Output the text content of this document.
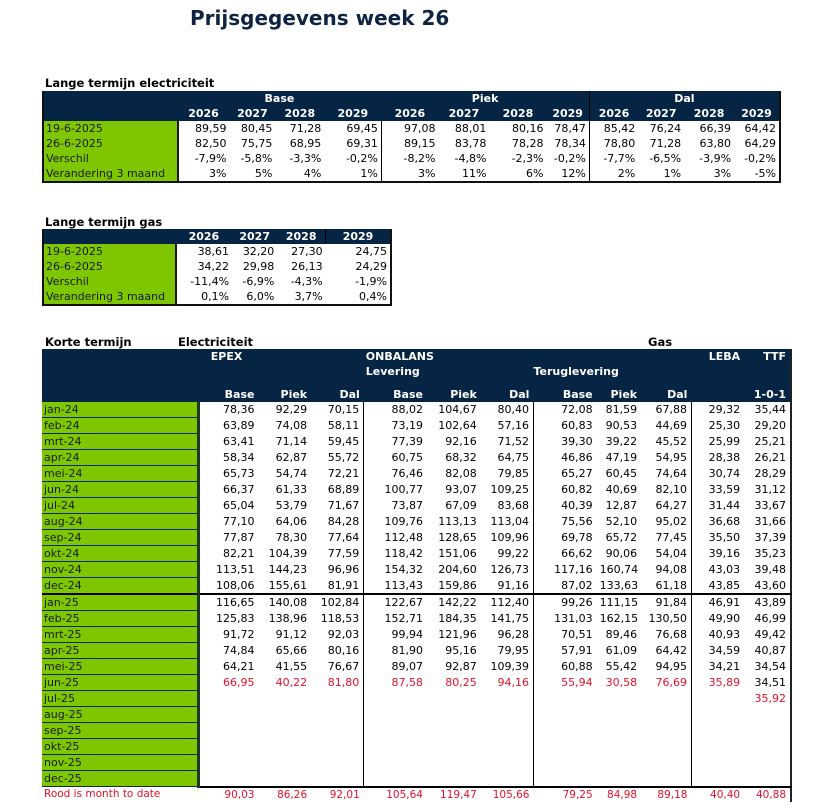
Prijsgegevens week 26
Lange termijn electriciteit
	Base				Piek				Dal			
	2026	2027	2028	2029	2026	2027	2028	2029	2026	2027	2028	2029
19-6-2025	89,59	80,45	71,28	69,45	97,08	88,01	80,16	78,47	85,42	76,24	66,39	64,42
26-6-2025	82,50	75,75	68,95	69,31	89,15	83,78	78,28	78,34	78,80	71,28	63,80	64,29
Verschil	-7,9%	-5,8%	-3,3%	-0,2%	-8,2%	-4,8%	-2,3%	-0,2%	-7,7%	-6,5%	-3,9%	-0,2%
Verandering 3 maand	3%	5%	4%	1%	3%	11%	6%	12%	2%	1%	3%	-5%
Lange termijn gas
	2026	2027	2028	2029
19-6-2025	38,61	32,20	27,30	24,75
26-6-2025	34,22	29,98	26,13	24,29
Verschil	-11,4%	-6,9%	-4,3%	-1,9%
Verandering 3 maand	0,1%	6,0%	3,7%	0,4%
Korte termijn	Electriciteit	Gas
	EPEX			ONBALANS						LEBA	TTF
				Levering			Teruglevering				

	Base	Piek	Dal	Base	Piek	Dal	Base	Piek	Dal		1-0-1
jan-24	78,36	92,29	70,15	88,02	104,67	80,40	72,08	81,59	67,88	29,32	35,44
feb-24	63,89	74,08	58,11	73,19	102,64	57,16	60,83	90,53	44,69	25,30	29,20
mrt-24	63,41	71,14	59,45	77,39	92,16	71,52	39,30	39,22	45,52	25,99	25,21
apr-24	58,34	62,87	55,72	60,75	68,32	64,75	46,86	47,19	54,95	28,38	26,21
mei-24	65,73	54,74	72,21	76,46	82,08	79,85	65,27	60,45	74,64	30,74	28,29
jun-24	66,37	61,33	68,89	100,77	93,07	109,25	60,82	40,69	82,10	33,59	31,12
jul-24	65,04	53,79	71,67	73,87	67,09	83,68	40,39	12,87	64,27	31,44	33,67
aug-24	77,10	64,06	84,28	109,76	113,13	113,04	75,56	52,10	95,02	36,68	31,66
sep-24	77,87	78,30	77,64	112,48	128,65	109,96	69,78	65,72	77,45	35,50	37,39
okt-24	82,21	104,39	77,59	118,42	151,06	99,22	66,62	90,06	54,04	39,16	35,23
nov-24	113,51	144,23	96,96	154,32	204,60	126,73	117,16	160,74	94,08	43,03	39,48
dec-24	108,06	155,61	81,91	113,43	159,86	91,16	87,02	133,63	61,18	43,85	43,60
jan-25	116,65	140,08	102,84	122,67	142,22	112,40	99,26	111,15	91,84	46,91	43,89
feb-25	125,83	138,96	118,53	152,71	184,35	141,75	131,03	162,15	130,50	49,90	46,99
mrt-25	91,72	91,12	92,03	99,94	121,96	96,28	70,51	89,46	76,68	40,93	49,42
apr-25	74,84	65,66	80,16	81,90	95,16	79,95	57,91	61,09	64,42	34,59	40,87
mei-25	64,21	41,55	76,67	89,07	92,87	109,39	60,88	55,42	94,95	34,21	34,54
jun-25	66,95	40,22	81,80	87,58	80,25	94,16	55,94	30,58	76,69	35,89	34,51
jul-25											35,92
aug-25											
sep-25											
okt-25											
nov-25											
dec-25											
Rood is month to date	90,03	86,26	92,01	105,64	119,47	105,66	79,25	84,98	89,18	40,40	40,88
